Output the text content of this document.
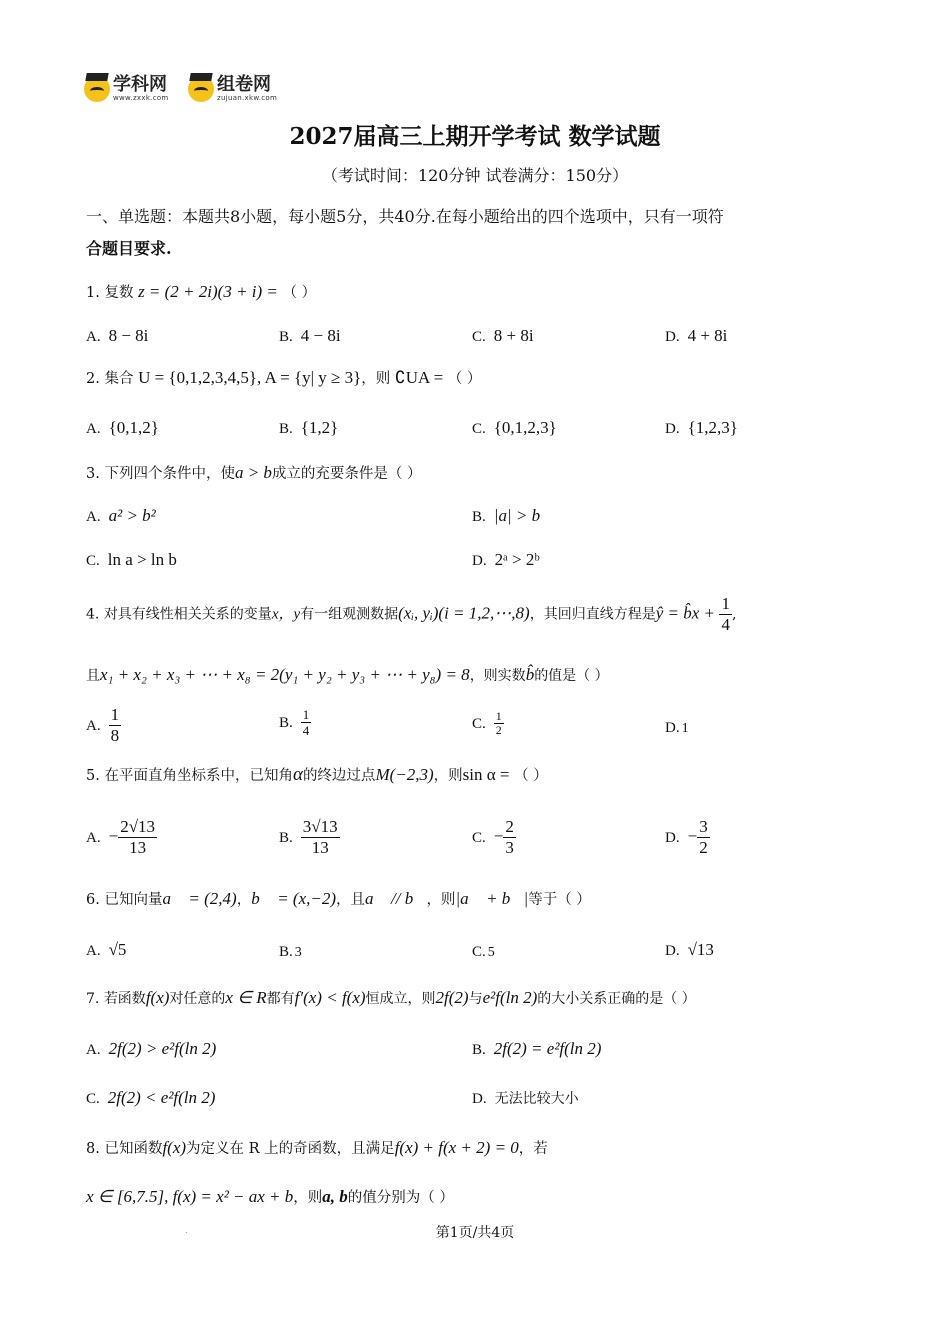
学科网
www.zxxk.com
组卷网
zujuan.xkw.com
2027届高三上期开学考试 数学试题
（考试时间：120分钟 试卷满分：150分）
一、单选题：本题共8小题，每小题5分，共40分.在每小题给出的四个选项中，只有一项符
合题目要求.
1. 复数 z = (2 + 2i)(3 + i) = （ ）
A. 8 − 8i	B. 4 − 8i	C. 8 + 8i	D. 4 + 8i
2. 集合 U = {0,1,2,3,4,5}, A = {y| y ≥ 3}，则 ∁UA = （ ）
A. {0,1,2}	B. {1,2}	C. {0,1,2,3}	D. {1,2,3}
3. 下列四个条件中，使a > b成立的充要条件是（ ）
A. a² > b²	B. |a| > b
C. ln a > ln b	D. 2ᵃ > 2ᵇ
4. 对具有线性相关关系的变量x，y有一组观测数据(xᵢ, yᵢ)(i = 1,2,⋯,8)，其回归直线方程是ŷ = b̂x + $\frac{1}{4}$ ,
且x₁ + x₂ + x₃ + ⋯ + x₈ = 2(y₁ + y₂ + y₃ + ⋯ + y₈) = 8，则实数b̂的值是（ ）
A. $\frac{1}{8}$	B. $\frac{1}{4}$	C. $\frac{1}{2}$	D. 1
5. 在平面直角坐标系中，已知角α的终边过点M(−2,3)，则sin α = （ ）
A. − $\frac{2√13}{13}$	B. $\frac{3√13}{13}$	C. − $\frac{2}{3}$	D. − $\frac{3}{2}$
6. 已知向量a⃗ = (2,4)，b⃗ = (x,−2)，且a⃗ // b⃗，则|a⃗ + b⃗|等于（ ）
A. √5	B. 3	C. 5	D. √13
7. 若函数f(x)对任意的x ∈ R都有f′(x) < f(x)恒成立，则2f(2)与e²f(ln 2)的大小关系正确的是（ ）
A. 2f(2) > e²f(ln 2)	B. 2f(2) = e²f(ln 2)
C. 2f(2) < e²f(ln 2)	D. 无法比较大小
8. 已知函数f(x)为定义在 R 上的奇函数，且满足f(x) + f(x + 2) = 0，若
x ∈ [6,7.5], f(x) = x² − ax + b，则a, b的值分别为（ ）
.	第1页/共4页
